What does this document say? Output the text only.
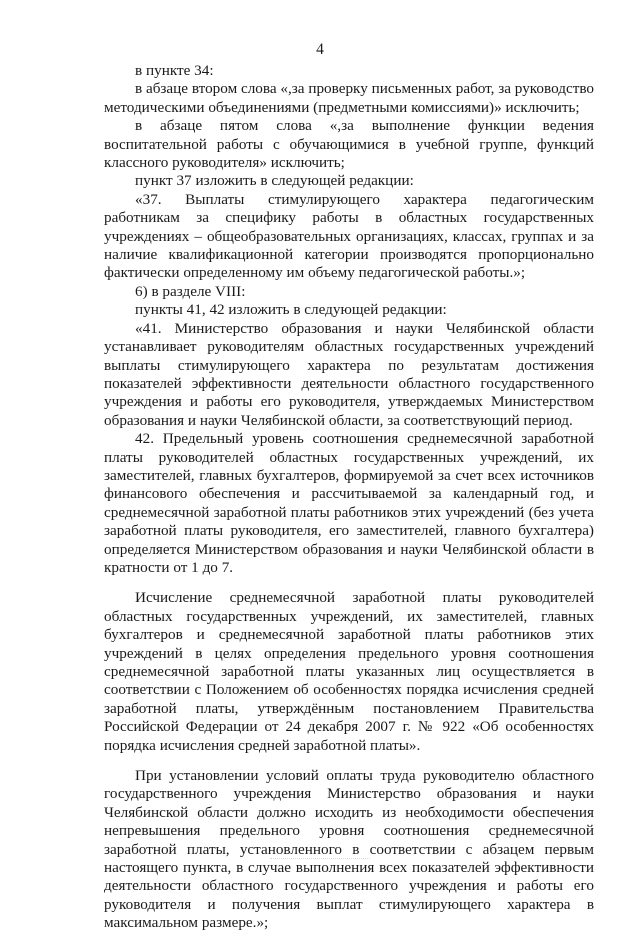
4

в пункте 34:

в абзаце втором слова «,за проверку письменных работ, за руководство методическими объединениями (предметными комиссиями)» исключить;

в абзаце пятом слова «,за выполнение функции ведения воспитательной работы с обучающимися в учебной группе, функций классного руководителя» исключить;

пункт 37 изложить в следующей редакции:

«37. Выплаты стимулирующего характера педагогическим работникам за специфику работы в областных государственных учреждениях – общеобразовательных организациях, классах, группах и за наличие квалификационной категории производятся пропорционально фактически определенному им объему педагогической работы.»;

6) в разделе VIII:

пункты 41, 42 изложить в следующей редакции:

«41. Министерство образования и науки Челябинской области устанавливает руководителям областных государственных учреждений выплаты стимулирующего характера по результатам достижения показателей эффективности деятельности областного государственного учреждения и работы его руководителя, утверждаемых Министерством образования и науки Челябинской области, за соответствующий период.

42. Предельный уровень соотношения среднемесячной заработной платы руководителей областных государственных учреждений, их заместителей, главных бухгалтеров, формируемой за счет всех источников финансового обеспечения и рассчитываемой за календарный год, и среднемесячной заработной платы работников этих учреждений (без учета заработной платы руководителя, его заместителей, главного бухгалтера) определяется Министерством образования и науки Челябинской области в кратности от 1 до 7.

Исчисление среднемесячной заработной платы руководителей областных государственных учреждений, их заместителей, главных бухгалтеров и среднемесячной заработной платы работников этих учреждений в целях определения предельного уровня соотношения среднемесячной заработной платы указанных лиц осуществляется в соответствии с Положением об особенностях порядка исчисления средней заработной платы, утверждённым постановлением Правительства Российской Федерации от 24 декабря 2007 г. № 922 «Об особенностях порядка исчисления средней заработной платы».

При установлении условий оплаты труда руководителю областного государственного учреждения Министерство образования и науки Челябинской области должно исходить из необходимости обеспечения непревышения предельного уровня соотношения среднемесячной заработной платы, установленного в соответствии с абзацем первым настоящего пункта, в случае выполнения всех показателей эффективности деятельности областного государственного учреждения и работы его руководителя и получения выплат стимулирующего характера в максимальном размере.»;
